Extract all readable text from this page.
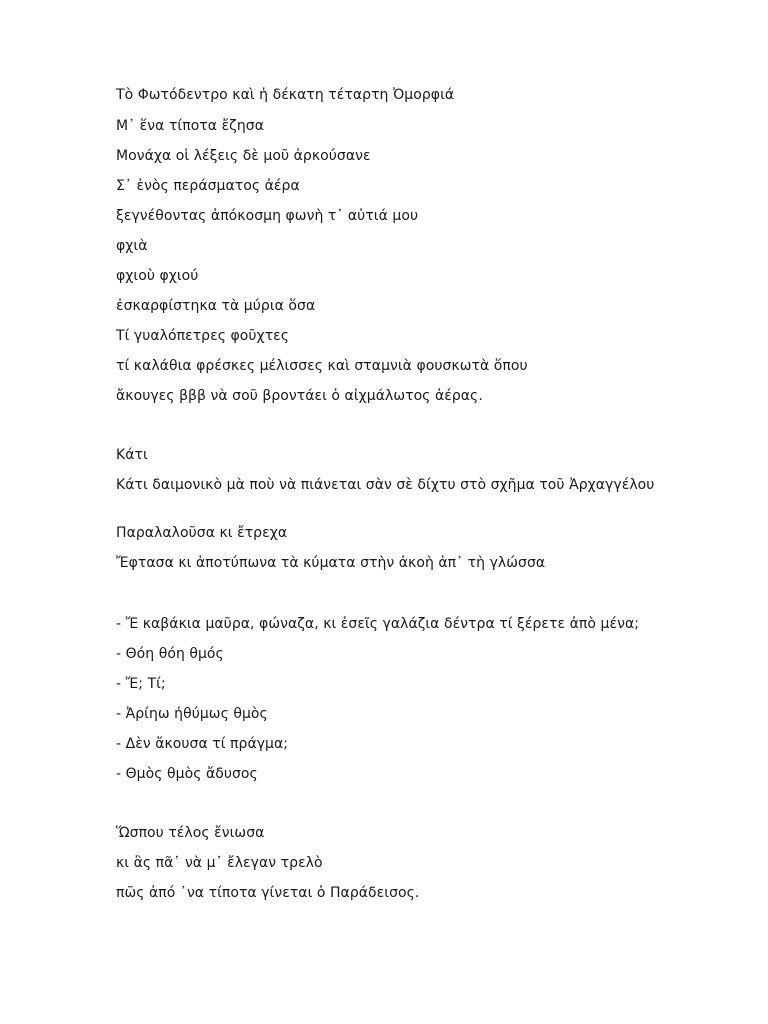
Τὸ Φωτόδεντρο καὶ ἡ δέκατη τέταρτη Ὀμορφιά
Μ᾽ ἕνα τίποτα ἔζησα
Μονάχα οἱ λέξεις δὲ μοῦ ἀρκούσανε
Σ᾽ ἑνὸς περάσματος ἀέρα
ξεγνέθοντας ἀπόκοσμη φωνὴ τ᾽ αὐτιά μου
φχιὰ
φχιοὺ φχιού
ἐσκαρφίστηκα τὰ μύρια ὅσα
Τί γυαλόπετρες φοῦχτες
τί καλάθια φρέσκες μέλισσες καὶ σταμνιὰ φουσκωτὰ ὅπου
ἄκουγες βββ νὰ σοῦ βροντάει ὁ αἰχμάλωτος ἀέρας.
Κάτι
Κάτι δαιμονικὸ μὰ ποὺ νὰ πιάνεται σὰν σὲ δίχτυ στὸ σχῆμα τοῦ Ἀρχαγγέλου
Παραλαλοῦσα κι ἔτρεχα
Ἔφτασα κι ἀποτύπωνα τὰ κύματα στὴν ἀκοὴ ἀπ᾽ τὴ γλώσσα
- Ἔ καβάκια μαῦρα, φώναζα, κι ἐσεῖς γαλάζια δέντρα τί ξέρετε ἀπὸ μένα;
- Θόη θόη θμός
- Ἔ; Τί;
- Ἀρίηω ἠθύμως θμὸς
- Δὲν ἄκουσα τί πράγμα;
- Θμὸς θμὸς ἄδυσος
Ὥσπου τέλος ἔνιωσα
κι ἂς πᾶ᾽ νὰ μ᾽ ἔλεγαν τρελὸ
πῶς ἀπό ᾽να τίποτα γίνεται ὁ Παράδεισος.
